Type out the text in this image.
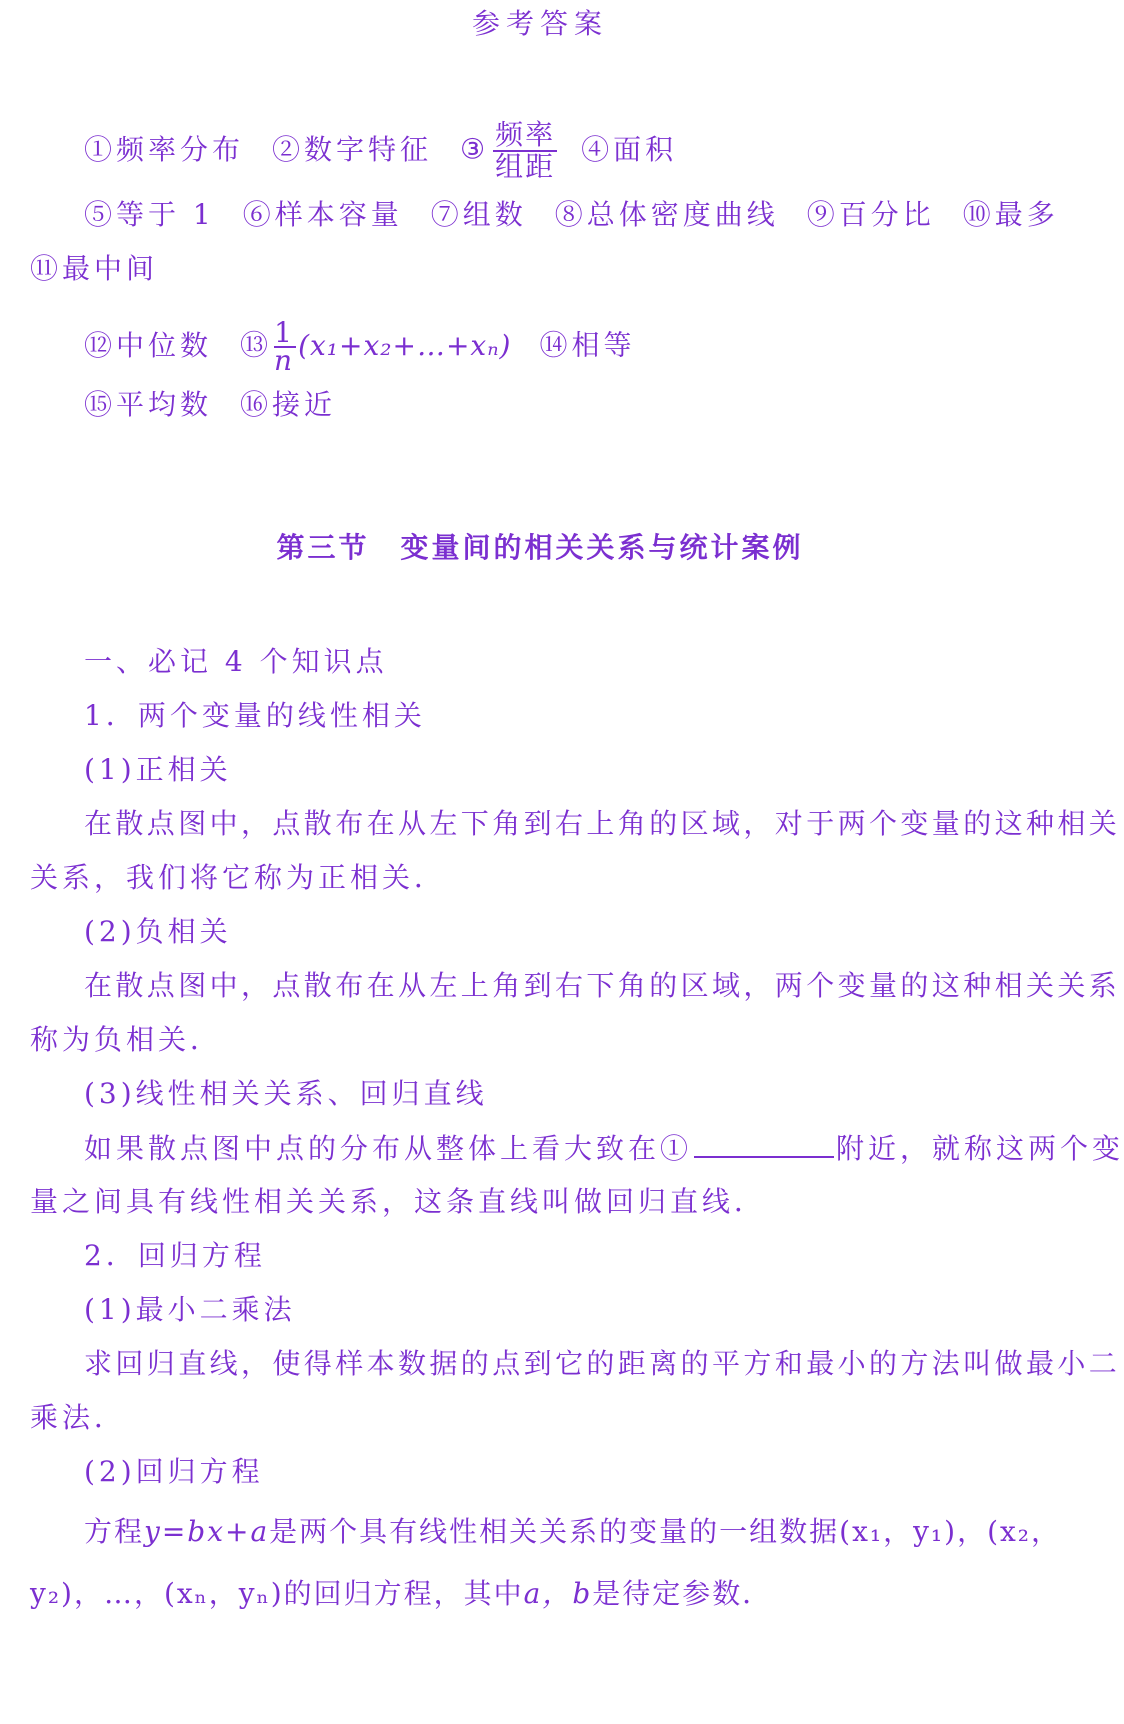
参考答案
①频率分布 ②数字特征 ③ $\frac{\text{频率}}{\text{组距}}$ ④面积
⑤等于 1 ⑥样本容量 ⑦组数 ⑧总体密度曲线 ⑨百分比 ⑩最多
⑪最中间
⑫中位数 ⑬ $\frac{1}{n}$ (x₁+x₂+…+xₙ) ⑭相等
⑮平均数 ⑯接近
第三节　变量间的相关关系与统计案例
一、必记 4 个知识点
1．两个变量的线性相关
(1)正相关
在散点图中，点散布在从左下角到右上角的区域，对于两个变量的这种相关
关系，我们将它称为正相关．
(2)负相关
在散点图中，点散布在从左上角到右下角的区域，两个变量的这种相关关系
称为负相关．
(3)线性相关关系、回归直线
如果散点图中点的分布从整体上看大致在①	附近，就称这两个变
量之间具有线性相关关系，这条直线叫做回归直线．
2．回归方程
(1)最小二乘法
求回归直线，使得样本数据的点到它的距离的平方和最小的方法叫做最小二
乘法．
(2)回归方程
方程y=bx+a是两个具有线性相关关系的变量的一组数据(x₁，y₁)，(x₂，
y₂)，…，(xₙ，yₙ)的回归方程，其中a，b是待定参数．
